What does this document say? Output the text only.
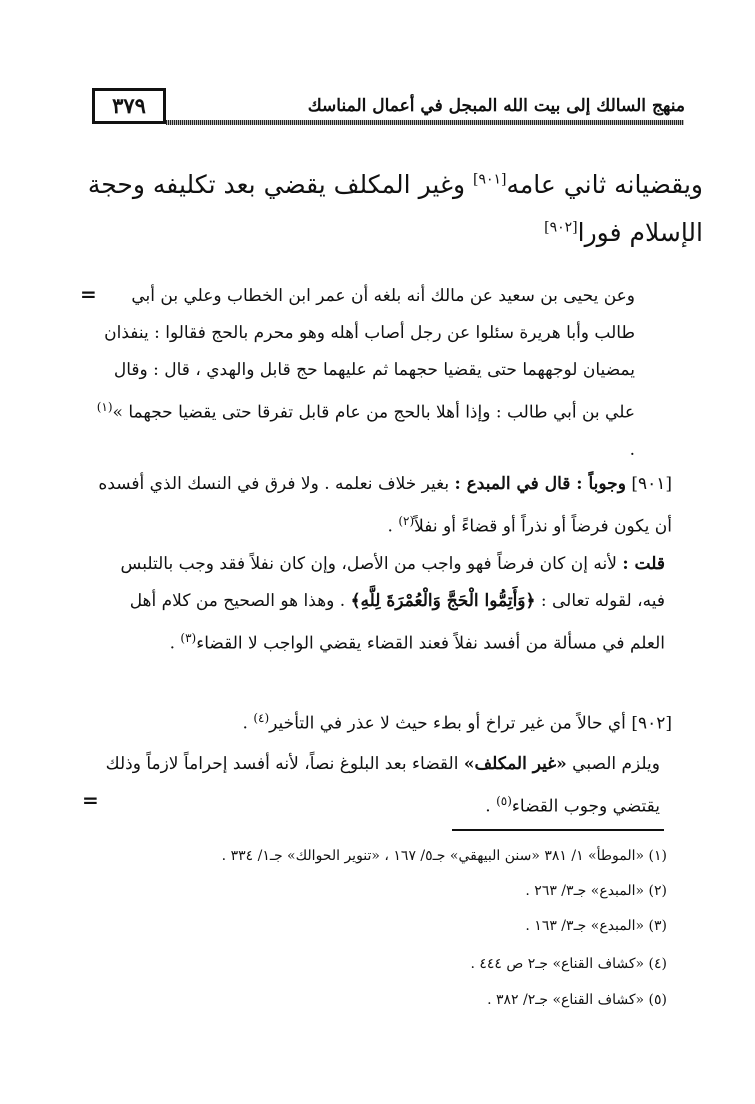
منهج السالك إلى بيت الله المبجل في أعمال المناسك
٣٧٩
ويقضيانه ثاني عامه[٩٠١] وغير المكلف يقضي بعد تكليفه وحجة
الإسلام فورا[٩٠٢]
=	وعن يحيى بن سعيد عن مالك أنه بلغه أن عمر ابن الخطاب وعلي بن أبي طالب وأبا هريرة سئلوا عن رجل أصاب أهله وهو محرم بالحج فقالوا : ينفذان يمضيان لوجههما حتى يقضيا حجهما ثم عليهما حج قابل والهدي ، قال : وقال علي بن أبي طالب : وإذا أهلا بالحج من عام قابل تفرقا حتى يقضيا حجهما »$^{(١)}$ .
[٩٠١] وجوباً : قال في المبدع : بغير خلاف نعلمه . ولا فرق في النسك الذي أفسده أن يكون فرضاً أو نذراً أو قضاءً أو نفلاً$^{(٢)}$ .
قلت : لأنه إن كان فرضاً فهو واجب من الأصل، وإن كان نفلاً فقد وجب بالتلبس فيه، لقوله تعالى : ﴿وَأَتِمُّوا الْحَجَّ وَالْعُمْرَةَ لِلَّهِ﴾ . وهذا هو الصحيح من كلام أهل العلم في مسألة من أفسد نفلاً فعند القضاء يقضي الواجب لا القضاء$^{(٣)}$ .
[٩٠٢] أي حالاً من غير تراخ أو بطء حيث لا عذر في التأخير$^{(٤)}$ .
ويلزم الصبي «غير المكلف» القضاء بعد البلوغ نصاً، لأنه أفسد إحراماً لازماً وذلك يقتضي وجوب القضاء$^{(٥)}$ .
=
(١) «الموطأ» ١/ ٣٨١ «سنن البيهقي» جـ٥/ ١٦٧ ، «تنوير الحوالك» جـ١/ ٣٣٤ .
(٢) «المبدع» جـ٣/ ٢٦٣ .
(٣) «المبدع» جـ٣/ ١٦٣ .
(٤) «كشاف القناع» جـ٢ ص ٤٤٤ .
(٥) «كشاف القناع» جـ٢/ ٣٨٢ .
